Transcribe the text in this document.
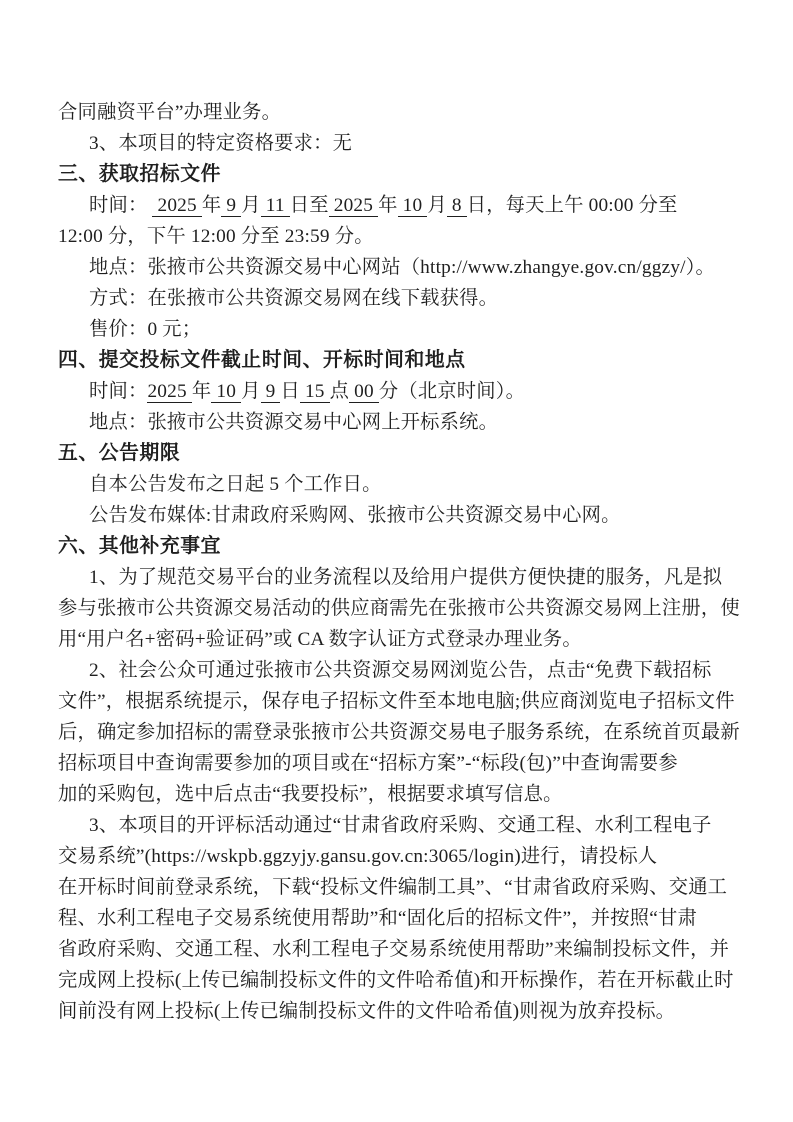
合同融资平台”办理业务。
3、本项目的特定资格要求：无
三、获取招标文件
时间：  2025 年 9 月 11 日至 2025 年 10 月 8 日，每天上午 00:00 分至
12:00 分，下午 12:00 分至 23:59 分。
地点：张掖市公共资源交易中心网站（http://www.zhangye.gov.cn/ggzy/）。
方式：在张掖市公共资源交易网在线下载获得。
售价：0 元；
四、提交投标文件截止时间、开标时间和地点
时间：2025 年 10 月 9 日 15 点 00 分（北京时间）。
地点：张掖市公共资源交易中心网上开标系统。
五、公告期限
自本公告发布之日起 5 个工作日。
公告发布媒体:甘肃政府采购网、张掖市公共资源交易中心网。
六、其他补充事宜
1、为了规范交易平台的业务流程以及给用户提供方便快捷的服务，凡是拟
参与张掖市公共资源交易活动的供应商需先在张掖市公共资源交易网上注册，使
用“用户名+密码+验证码”或 CA 数字认证方式登录办理业务。
2、社会公众可通过张掖市公共资源交易网浏览公告，点击“免费下载招标
文件”，根据系统提示，保存电子招标文件至本地电脑;供应商浏览电子招标文件
后，确定参加招标的需登录张掖市公共资源交易电子服务系统，在系统首页最新
招标项目中查询需要参加的项目或在“招标方案”-“标段(包)”中查询需要参
加的采购包，选中后点击“我要投标”，根据要求填写信息。
3、本项目的开评标活动通过“甘肃省政府采购、交通工程、水利工程电子
交易系统”(https://wskpb.ggzyjy.gansu.gov.cn:3065/login)进行，请投标人
在开标时间前登录系统，下载“投标文件编制工具”、“甘肃省政府采购、交通工
程、水利工程电子交易系统使用帮助”和“固化后的招标文件”，并按照“甘肃
省政府采购、交通工程、水利工程电子交易系统使用帮助”来编制投标文件，并
完成网上投标(上传已编制投标文件的文件哈希值)和开标操作，若在开标截止时
间前没有网上投标(上传已编制投标文件的文件哈希值)则视为放弃投标。
